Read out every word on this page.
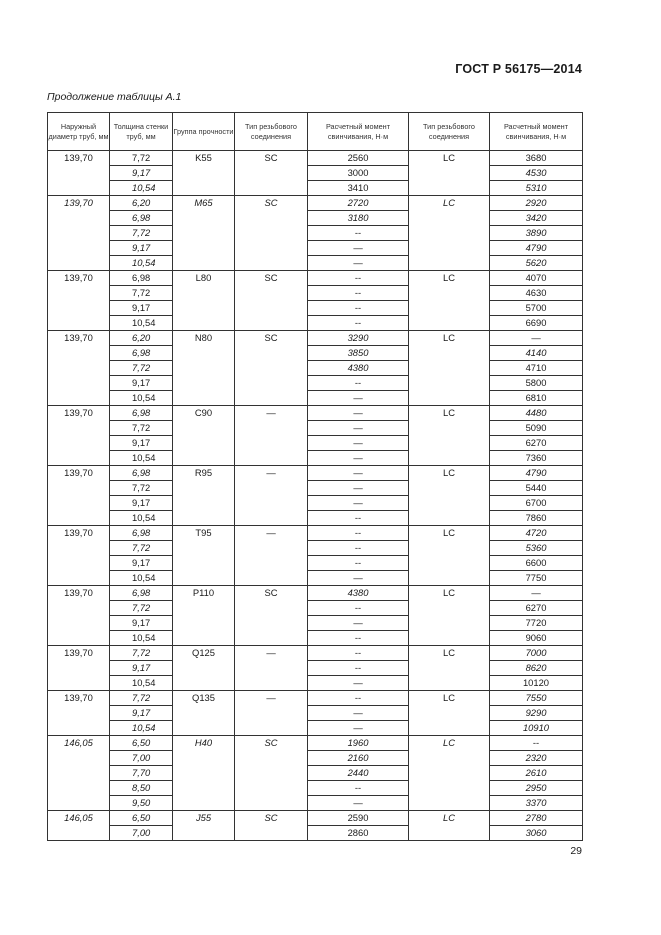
ГОСТ Р 56175—2014
Продолжение таблицы А.1
Наружный диаметр труб, мм	Толщина стенки труб, мм	Группа прочности	Тип резьбового соединения	Расчетный момент свинчивания, Н·м	Тип резьбового соединения	Расчетный момент свинчивания, Н·м
139,70	7,72	K55	SC	2560	LC	3680
	9,17			3000		4530
	10,54			3410		5310
139,70	6,20	M65	SC	2720	LC	2920
	6,98			3180		3420
	7,72			--		3890
	9,17			—		4790
	10,54			—		5620
139,70	6,98	L80	SC	--	LC	4070
	7,72			--		4630
	9,17			--		5700
	10,54			--		6690
139,70	6,20	N80	SC	3290	LC	—
	6,98			3850		4140
	7,72			4380		4710
	9,17			--		5800
	10,54			—		6810
139,70	6,98	C90	—	—	LC	4480
	7,72			—		5090
	9,17			—		6270
	10,54			—		7360
139,70	6,98	R95	—	—	LC	4790
	7,72			—		5440
	9,17			—		6700
	10,54			--		7860
139,70	6,98	T95	—	--	LC	4720
	7,72			--		5360
	9,17			--		6600
	10,54			—		7750
139,70	6,98	P110	SC	4380	LC	—
	7,72			--		6270
	9,17			—		7720
	10,54			--		9060
139,70	7,72	Q125	—	--	LC	7000
	9,17			--		8620
	10,54			—		10120
139,70	7,72	Q135	—	--	LC	7550
	9,17			—		9290
	10,54			—		10910
146,05	6,50	H40	SC	1960	LC	--
	7,00			2160		2320
	7,70			2440		2610
	8,50			--		2950
	9,50			—		3370
146,05	6,50	J55	SC	2590	LC	2780
	7,00			2860		3060
29
